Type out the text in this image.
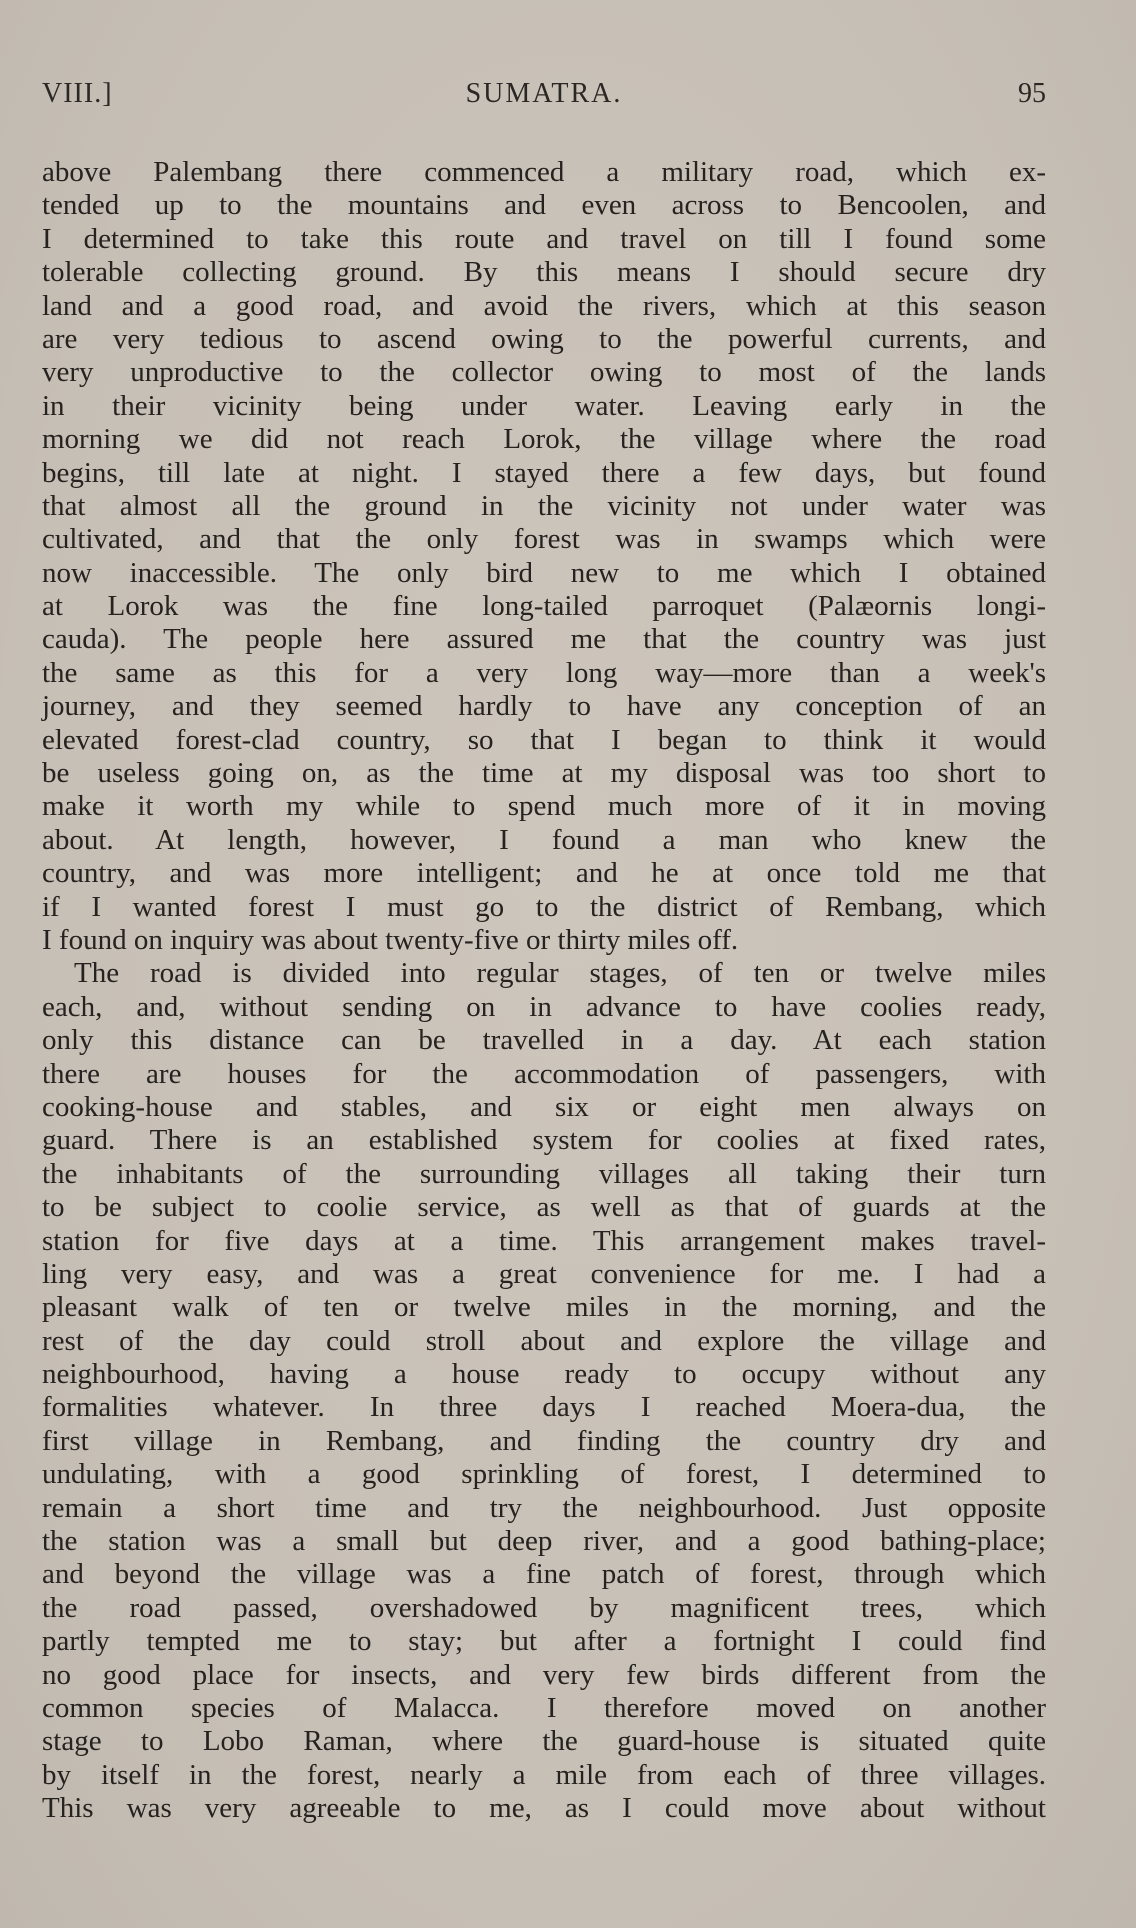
VIII.]	SUMATRA.	95
above Palembang there commenced a military road, which ex-
tended up to the mountains and even across to Bencoolen, and
I determined to take this route and travel on till I found some
tolerable collecting ground. By this means I should secure dry
land and a good road, and avoid the rivers, which at this season
are very tedious to ascend owing to the powerful currents, and
very unproductive to the collector owing to most of the lands
in their vicinity being under water. Leaving early in the
morning we did not reach Lorok, the village where the road
begins, till late at night. I stayed there a few days, but found
that almost all the ground in the vicinity not under water was
cultivated, and that the only forest was in swamps which were
now inaccessible. The only bird new to me which I obtained
at Lorok was the fine long-tailed parroquet (Palæornis longi-
cauda). The people here assured me that the country was just
the same as this for a very long way—more than a week's
journey, and they seemed hardly to have any conception of an
elevated forest-clad country, so that I began to think it would
be useless going on, as the time at my disposal was too short to
make it worth my while to spend much more of it in moving
about. At length, however, I found a man who knew the
country, and was more intelligent; and he at once told me that
if I wanted forest I must go to the district of Rembang, which
I found on inquiry was about twenty-five or thirty miles off.
The road is divided into regular stages, of ten or twelve miles
each, and, without sending on in advance to have coolies ready,
only this distance can be travelled in a day. At each station
there are houses for the accommodation of passengers, with
cooking-house and stables, and six or eight men always on
guard. There is an established system for coolies at fixed rates,
the inhabitants of the surrounding villages all taking their turn
to be subject to coolie service, as well as that of guards at the
station for five days at a time. This arrangement makes travel-
ling very easy, and was a great convenience for me. I had a
pleasant walk of ten or twelve miles in the morning, and the
rest of the day could stroll about and explore the village and
neighbourhood, having a house ready to occupy without any
formalities whatever. In three days I reached Moera-dua, the
first village in Rembang, and finding the country dry and
undulating, with a good sprinkling of forest, I determined to
remain a short time and try the neighbourhood. Just opposite
the station was a small but deep river, and a good bathing-place;
and beyond the village was a fine patch of forest, through which
the road passed, overshadowed by magnificent trees, which
partly tempted me to stay; but after a fortnight I could find
no good place for insects, and very few birds different from the
common species of Malacca. I therefore moved on another
stage to Lobo Raman, where the guard-house is situated quite
by itself in the forest, nearly a mile from each of three villages.
This was very agreeable to me, as I could move about without
